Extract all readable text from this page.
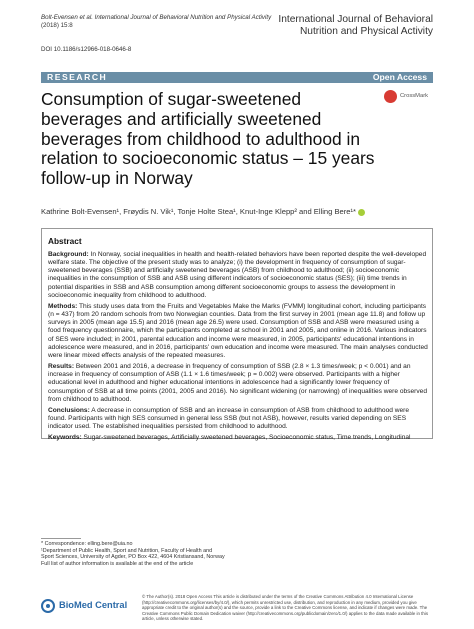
Bolt-Evensen et al. International Journal of Behavioral Nutrition and Physical Activity
(2018) 15:8
International Journal of Behavioral
Nutrition and Physical Activity
DOI 10.1186/s12966-018-0646-8
RESEARCH	Open Access
Consumption of sugar-sweetened
beverages and artificially sweetened
beverages from childhood to adulthood in
relation to socioeconomic status – 15 years
follow-up in Norway
CrossMark
Kathrine Bolt-Evensen¹, Frøydis N. Vik¹, Tonje Holte Stea¹, Knut-Inge Klepp² and Elling Bere¹*
Abstract
Background: In Norway, social inequalities in health and health-related behaviors have been reported despite the well-developed welfare state. The objective of the present study was to analyze; (i) the development in frequency of consumption of sugar-sweetened beverages (SSB) and artificially sweetened beverages (ASB) from childhood to adulthood; (ii) socioeconomic inequalities in the consumption of SSB and ASB using different indicators of socioeconomic status (SES); (iii) time trends in potential disparities in SSB and ASB consumption among different socioeconomic groups to assess the development in socioeconomic inequality from childhood to adulthood.
Methods: This study uses data from the Fruits and Vegetables Make the Marks (FVMM) longitudinal cohort, including participants (n = 437) from 20 random schools from two Norwegian counties. Data from the first survey in 2001 (mean age 11.8) and follow up surveys in 2005 (mean age 15.5) and 2016 (mean age 26.5) were used. Consumption of SSB and ASB were measured using a food frequency questionnaire, which the participants completed at school in 2001 and 2005, and online in 2016. Various indicators of SES were included; in 2001, parental education and income were measured, in 2005, participants' educational intentions in adolescence were measured, and in 2016, participants' own education and income were measured. The main analyses conducted were linear mixed effects analysis of the repeated measures.
Results: Between 2001 and 2016, a decrease in frequency of consumption of SSB (2.8 × 1.3 times/week; p < 0.001) and an increase in frequency of consumption of ASB (1.1 × 1.6 times/week; p = 0.002) were observed. Participants with a higher educational level in adulthood and higher educational intentions in adolescence had a significantly lower frequency of consumption of SSB at all time points (2001, 2005 and 2016). No significant widening (or narrowing) of inequalities were observed from childhood to adulthood.
Conclusions: A decrease in consumption of SSB and an increase in consumption of ASB from childhood to adulthood were found. Participants with high SES consumed in general less SSB (but not ASB), however, results varied depending on SES indicator used. The established inequalities persisted from childhood to adulthood.
Keywords: Sugar-sweetened beverages, Artificially sweetened beverages, Socioeconomic status, Time trends, Longitudinal
* Correspondence: elling.bere@uia.no
¹Department of Public Health, Sport and Nutrition, Faculty of Health and
Sport Sciences, University of Agder, PO Box 422, 4604 Kristiansand, Norway
Full list of author information is available at the end of the article
BioMed Central
© The Author(s). 2018 Open Access This article is distributed under the terms of the Creative Commons Attribution 4.0 International License (http://creativecommons.org/licenses/by/4.0/), which permits unrestricted use, distribution, and reproduction in any medium, provided you give appropriate credit to the original author(s) and the source, provide a link to the Creative Commons license, and indicate if changes were made. The Creative Commons Public Domain Dedication waiver (http://creativecommons.org/publicdomain/zero/1.0/) applies to the data made available in this article, unless otherwise stated.
